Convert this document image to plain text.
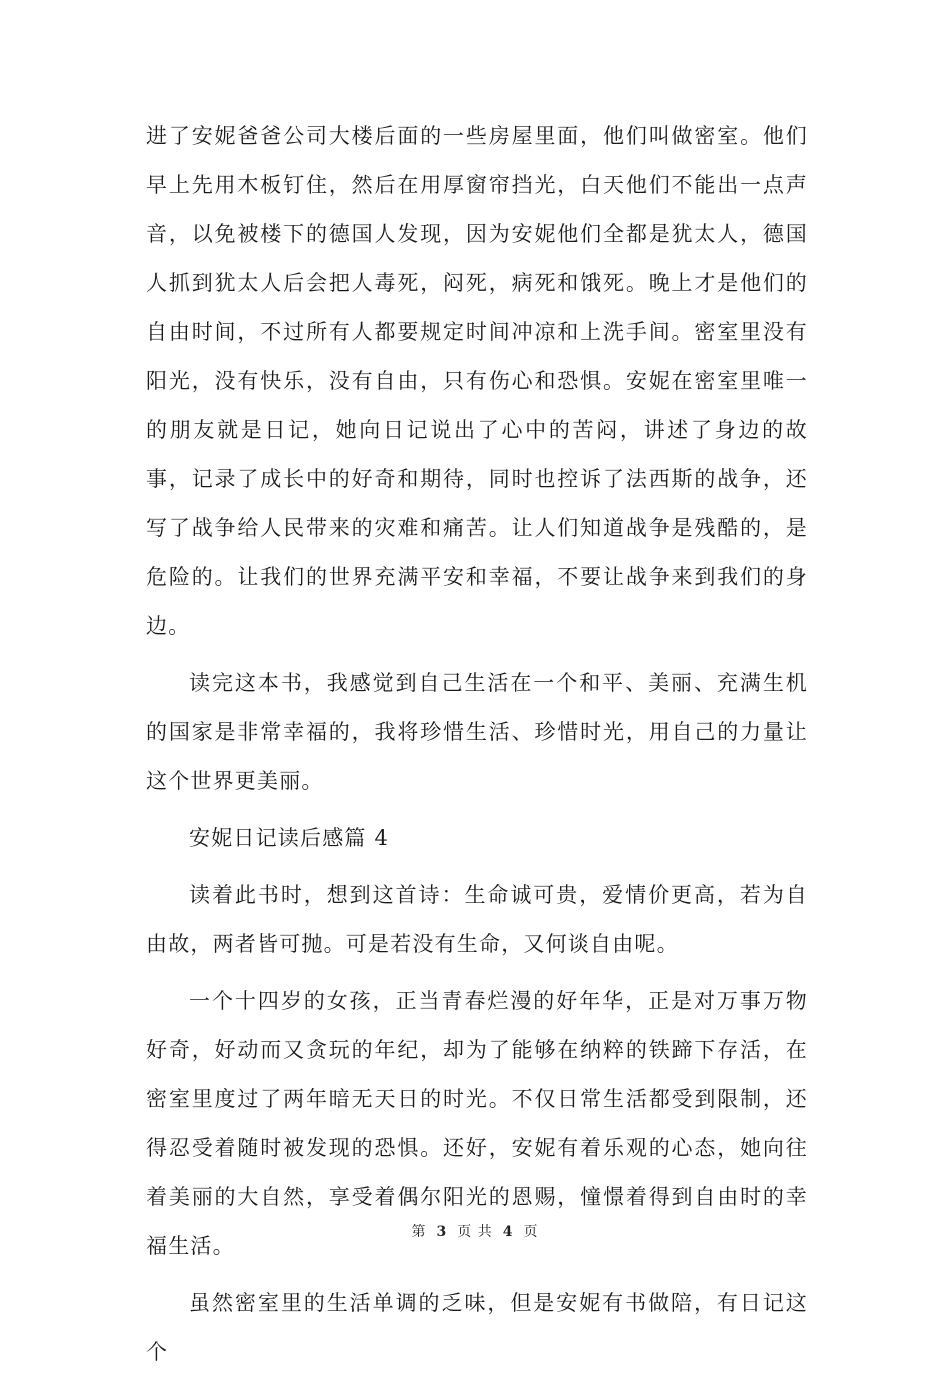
进了安妮爸爸公司大楼后面的一些房屋里面，他们叫做密室。他们早上先用木板钉住，然后在用厚窗帘挡光，白天他们不能出一点声音，以免被楼下的德国人发现，因为安妮他们全都是犹太人，德国人抓到犹太人后会把人毒死，闷死，病死和饿死。晚上才是他们的自由时间，不过所有人都要规定时间冲凉和上洗手间。密室里没有阳光，没有快乐，没有自由，只有伤心和恐惧。安妮在密室里唯一的朋友就是日记，她向日记说出了心中的苦闷，讲述了身边的故事，记录了成长中的好奇和期待，同时也控诉了法西斯的战争，还写了战争给人民带来的灾难和痛苦。让人们知道战争是残酷的，是危险的。让我们的世界充满平安和幸福，不要让战争来到我们的身边。

读完这本书，我感觉到自己生活在一个和平、美丽、充满生机的国家是非常幸福的，我将珍惜生活、珍惜时光，用自己的力量让这个世界更美丽。

安妮日记读后感篇 4

读着此书时，想到这首诗：生命诚可贵，爱情价更高，若为自由故，两者皆可抛。可是若没有生命，又何谈自由呢。

一个十四岁的女孩，正当青春烂漫的好年华，正是对万事万物好奇，好动而又贪玩的年纪，却为了能够在纳粹的铁蹄下存活，在密室里度过了两年暗无天日的时光。不仅日常生活都受到限制，还得忍受着随时被发现的恐惧。还好，安妮有着乐观的心态，她向往着美丽的大自然，享受着偶尔阳光的恩赐，憧憬着得到自由时的幸福生活。

虽然密室里的生活单调的乏味，但是安妮有书做陪，有日记这个

第 3 页 共 4 页
